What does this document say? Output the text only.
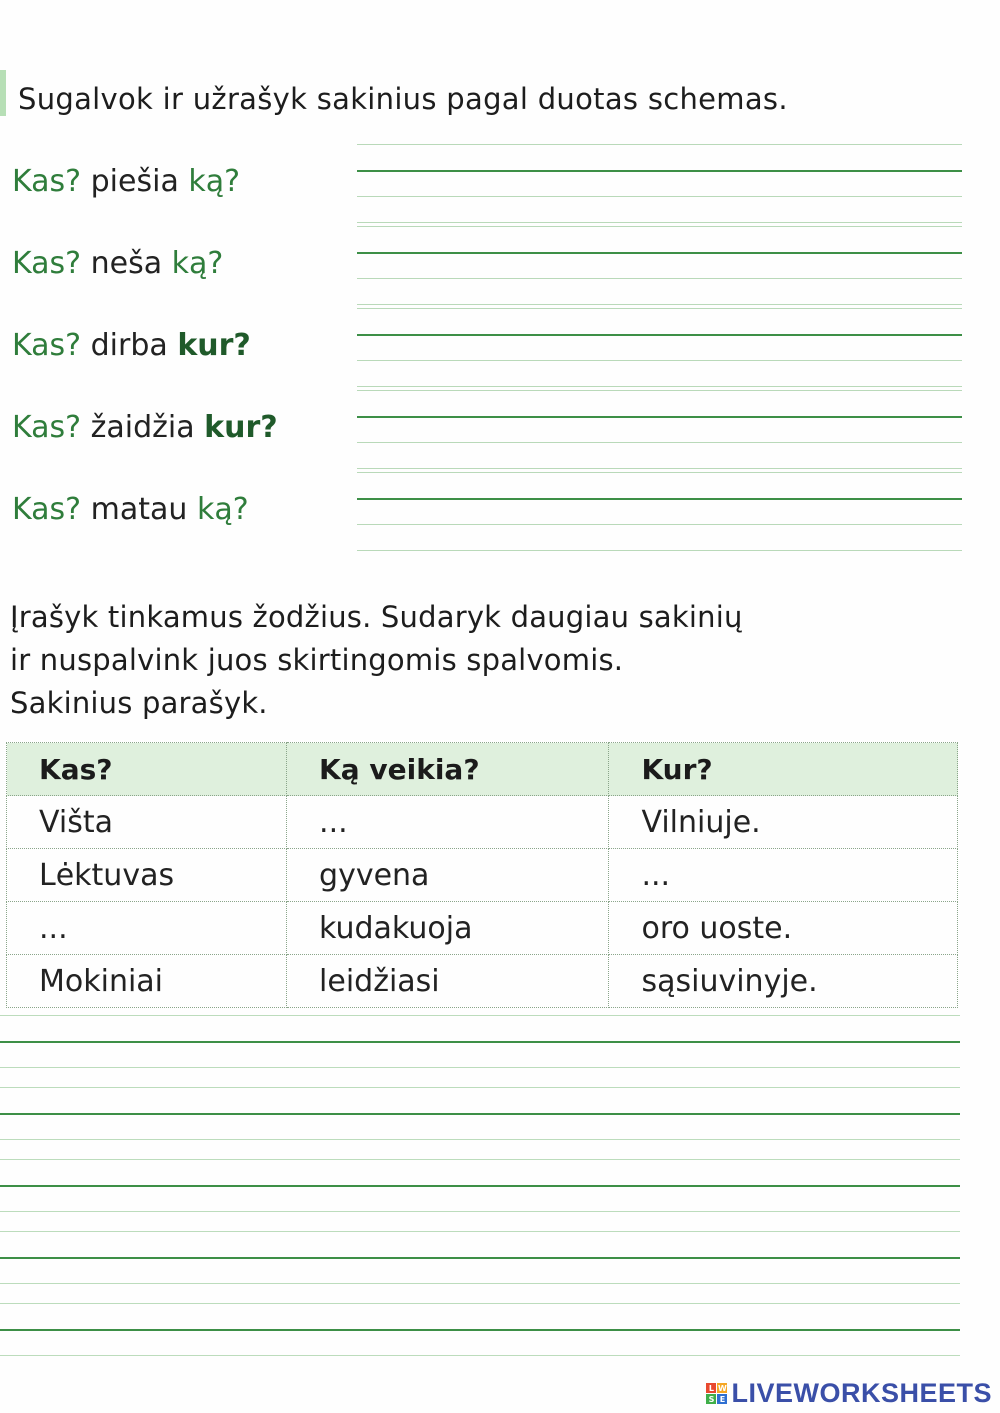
Sugalvok ir užrašyk sakinius pagal duotas schemas.
Kas? piešia ką?
Kas? neša ką?
Kas? dirba kur?
Kas? žaidžia kur?
Kas? matau ką?
Įrašyk tinkamus žodžius. Sudaryk daugiau sakinių
ir nuspalvink juos skirtingomis spalvomis.
Sakinius parašyk.
Kas?	Ką veikia?	Kur?
Višta	...	Vilniuje.
Lėktuvas	gyvena	...
...	kudakuoja	oro uoste.
Mokiniai	leidžiasi	sąsiuvinyje.
L W
S E LIVEWORKSHEETS
